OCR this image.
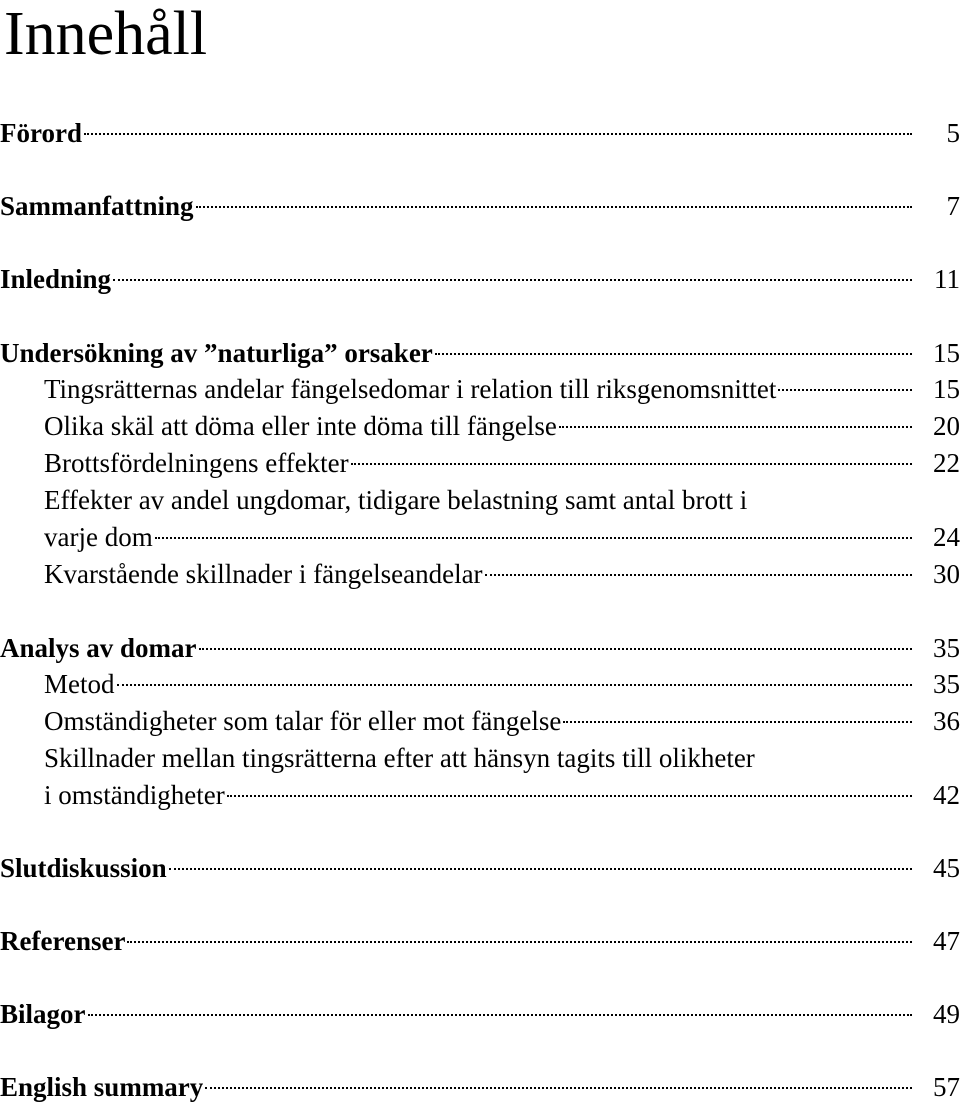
Innehåll
Förord	5
Sammanfattning	7
Inledning	11
Undersökning av ”naturliga” orsaker	15
Tingsrätternas andelar fängelsedomar i relation till riksgenomsnittet	15
Olika skäl att döma eller inte döma till fängelse	20
Brottsfördelningens effekter	22
Effekter av andel ungdomar, tidigare belastning samt antal brott i
varje dom	24
Kvarstående skillnader i fängelseandelar	30
Analys av domar	35
Metod	35
Omständigheter som talar för eller mot fängelse	36
Skillnader mellan tingsrätterna efter att hänsyn tagits till olikheter
i omständigheter	42
Slutdiskussion	45
Referenser	47
Bilagor	49
English summary	57
